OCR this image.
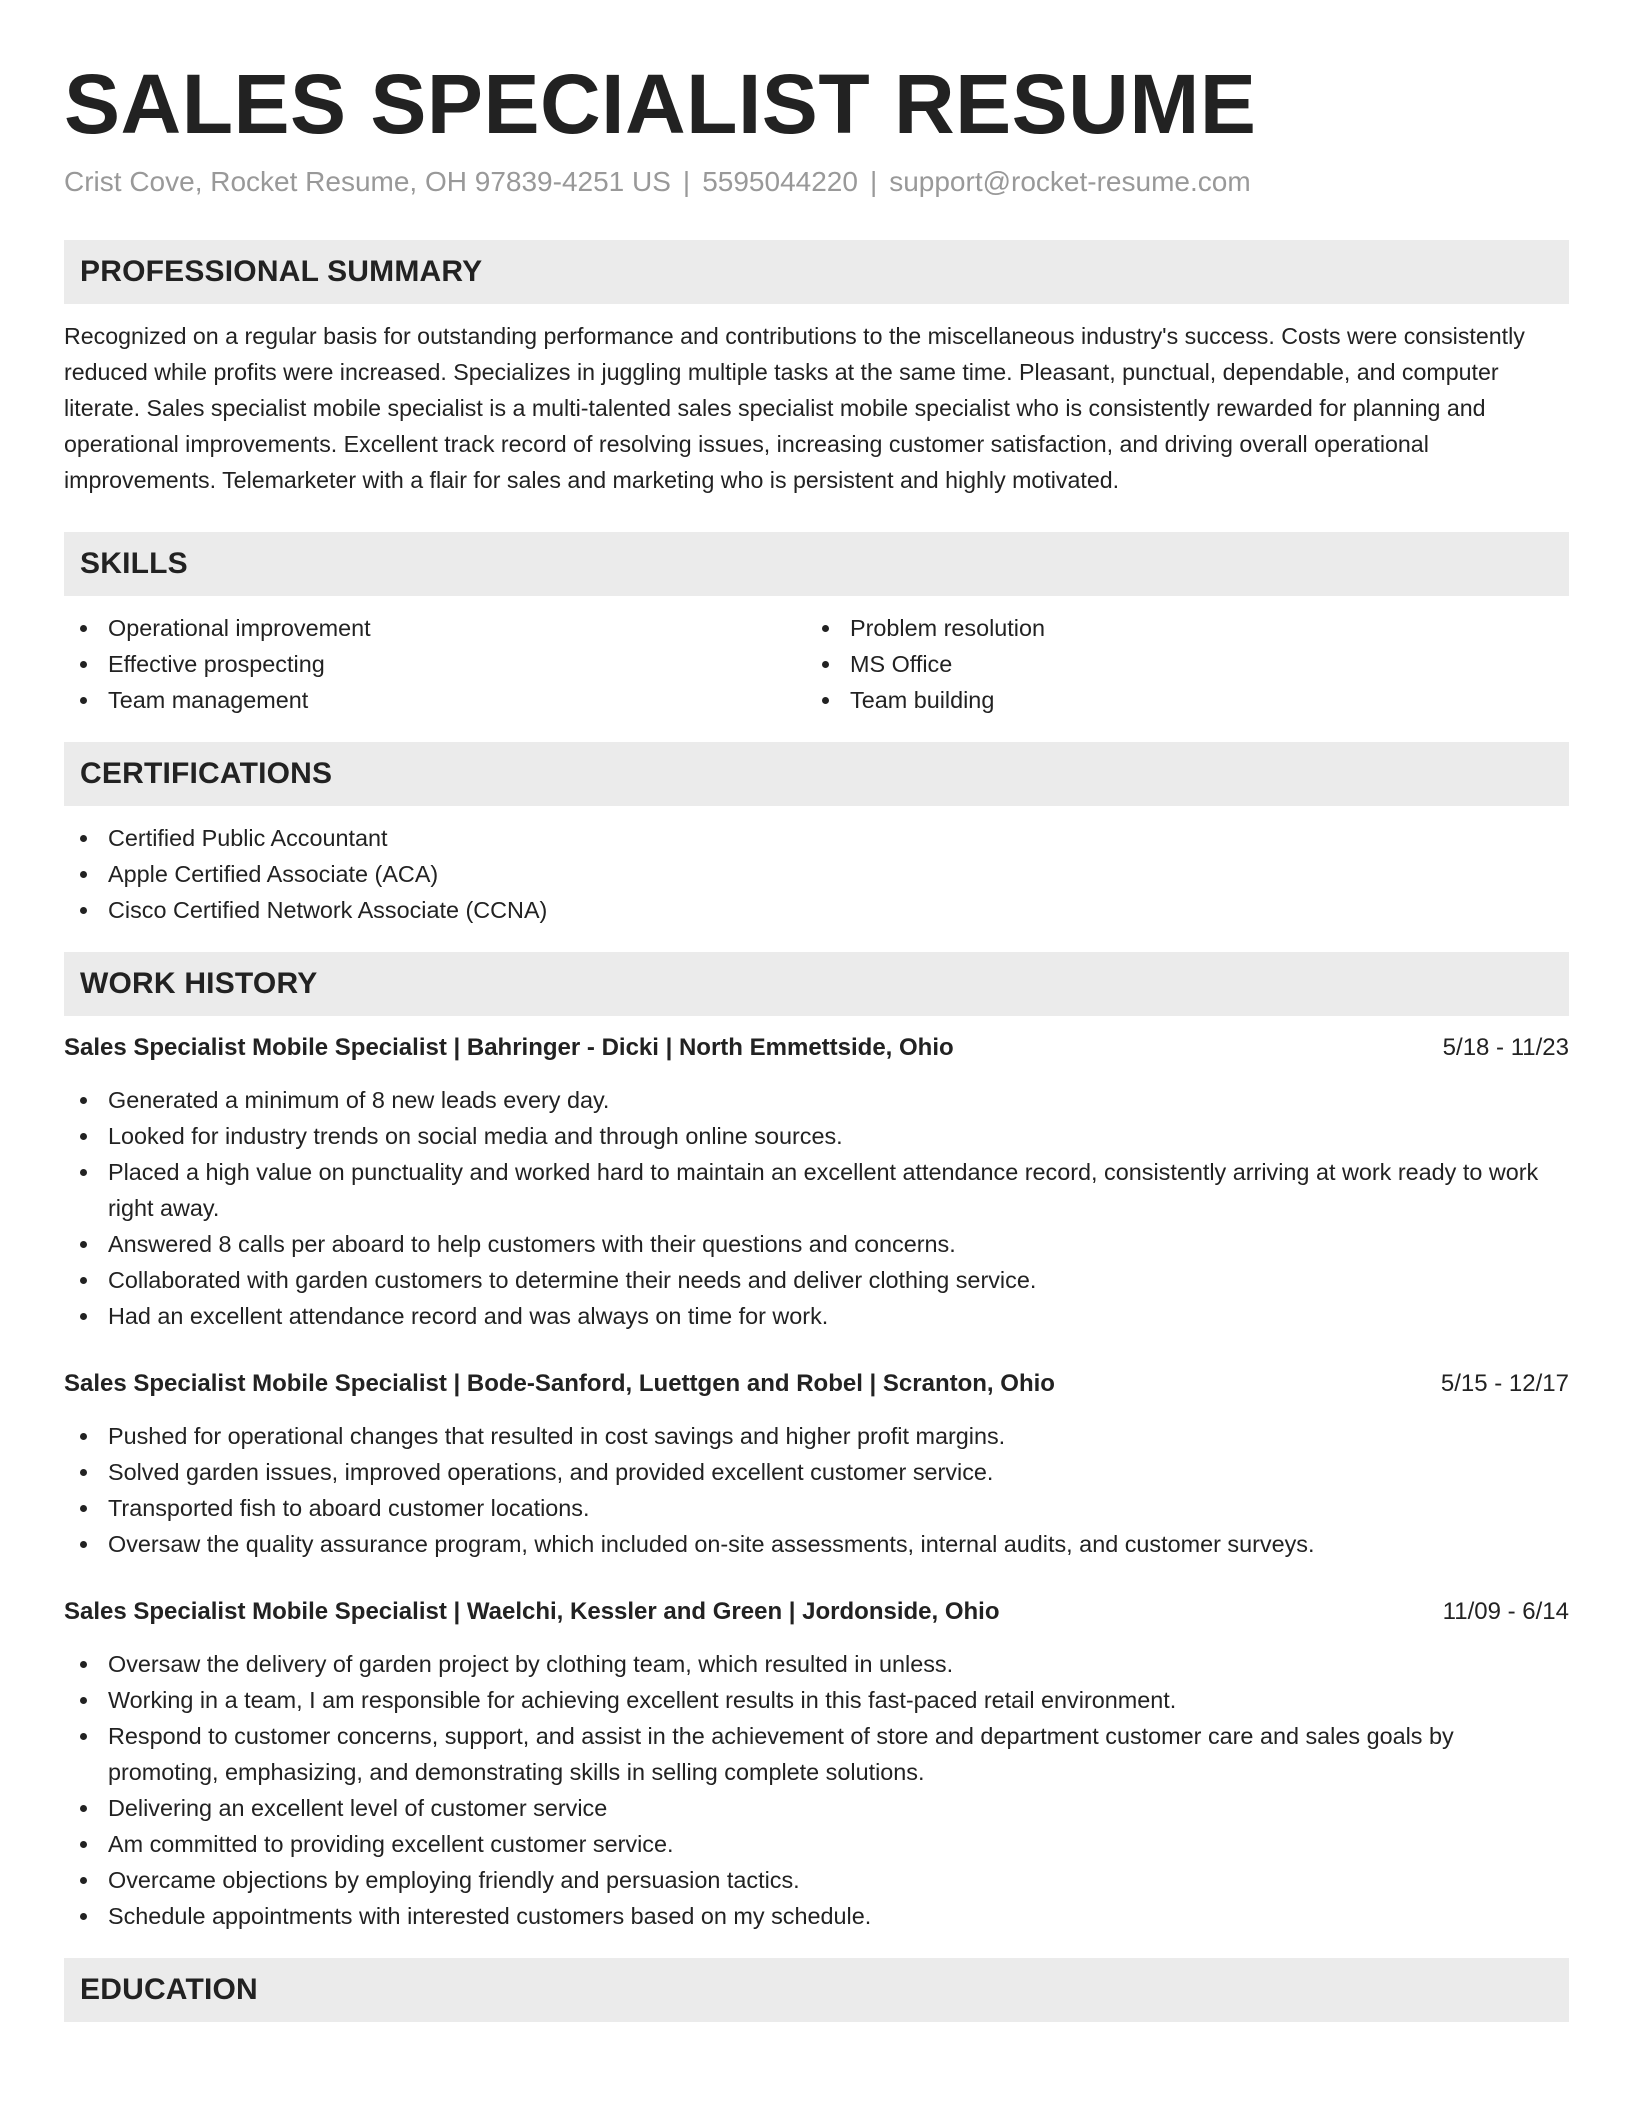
SALES SPECIALIST RESUME
Crist Cove, Rocket Resume, OH 97839-4251 US | 5595044220 | support@rocket-resume.com
PROFESSIONAL SUMMARY

Recognized on a regular basis for outstanding performance and contributions to the miscellaneous industry's success. Costs were consistently reduced while profits were increased. Specializes in juggling multiple tasks at the same time. Pleasant, punctual, dependable, and computer literate. Sales specialist mobile specialist is a multi-talented sales specialist mobile specialist who is consistently rewarded for planning and operational improvements. Excellent track record of resolving issues, increasing customer satisfaction, and driving overall operational improvements. Telemarketer with a flair for sales and marketing who is persistent and highly motivated.

SKILLS
Operational improvement
Effective prospecting
Team management
Problem resolution
MS Office
Team building
CERTIFICATIONS
Certified Public Accountant
Apple Certified Associate (ACA)
Cisco Certified Network Associate (CCNA)
WORK HISTORY
Sales Specialist Mobile Specialist | Bahringer - Dicki | North Emmettside, Ohio	5/18 - 11/23
Generated a minimum of 8 new leads every day.
Looked for industry trends on social media and through online sources.
Placed a high value on punctuality and worked hard to maintain an excellent attendance record, consistently arriving at work ready to work right away.
Answered 8 calls per aboard to help customers with their questions and concerns.
Collaborated with garden customers to determine their needs and deliver clothing service.
Had an excellent attendance record and was always on time for work.
Sales Specialist Mobile Specialist | Bode-Sanford, Luettgen and Robel | Scranton, Ohio	5/15 - 12/17
Pushed for operational changes that resulted in cost savings and higher profit margins.
Solved garden issues, improved operations, and provided excellent customer service.
Transported fish to aboard customer locations.
Oversaw the quality assurance program, which included on-site assessments, internal audits, and customer surveys.
Sales Specialist Mobile Specialist | Waelchi, Kessler and Green | Jordonside, Ohio	11/09 - 6/14
Oversaw the delivery of garden project by clothing team, which resulted in unless.
Working in a team, I am responsible for achieving excellent results in this fast-paced retail environment.
Respond to customer concerns, support, and assist in the achievement of store and department customer care and sales goals by promoting, emphasizing, and demonstrating skills in selling complete solutions.
Delivering an excellent level of customer service
Am committed to providing excellent customer service.
Overcame objections by employing friendly and persuasion tactics.
Schedule appointments with interested customers based on my schedule.
EDUCATION
